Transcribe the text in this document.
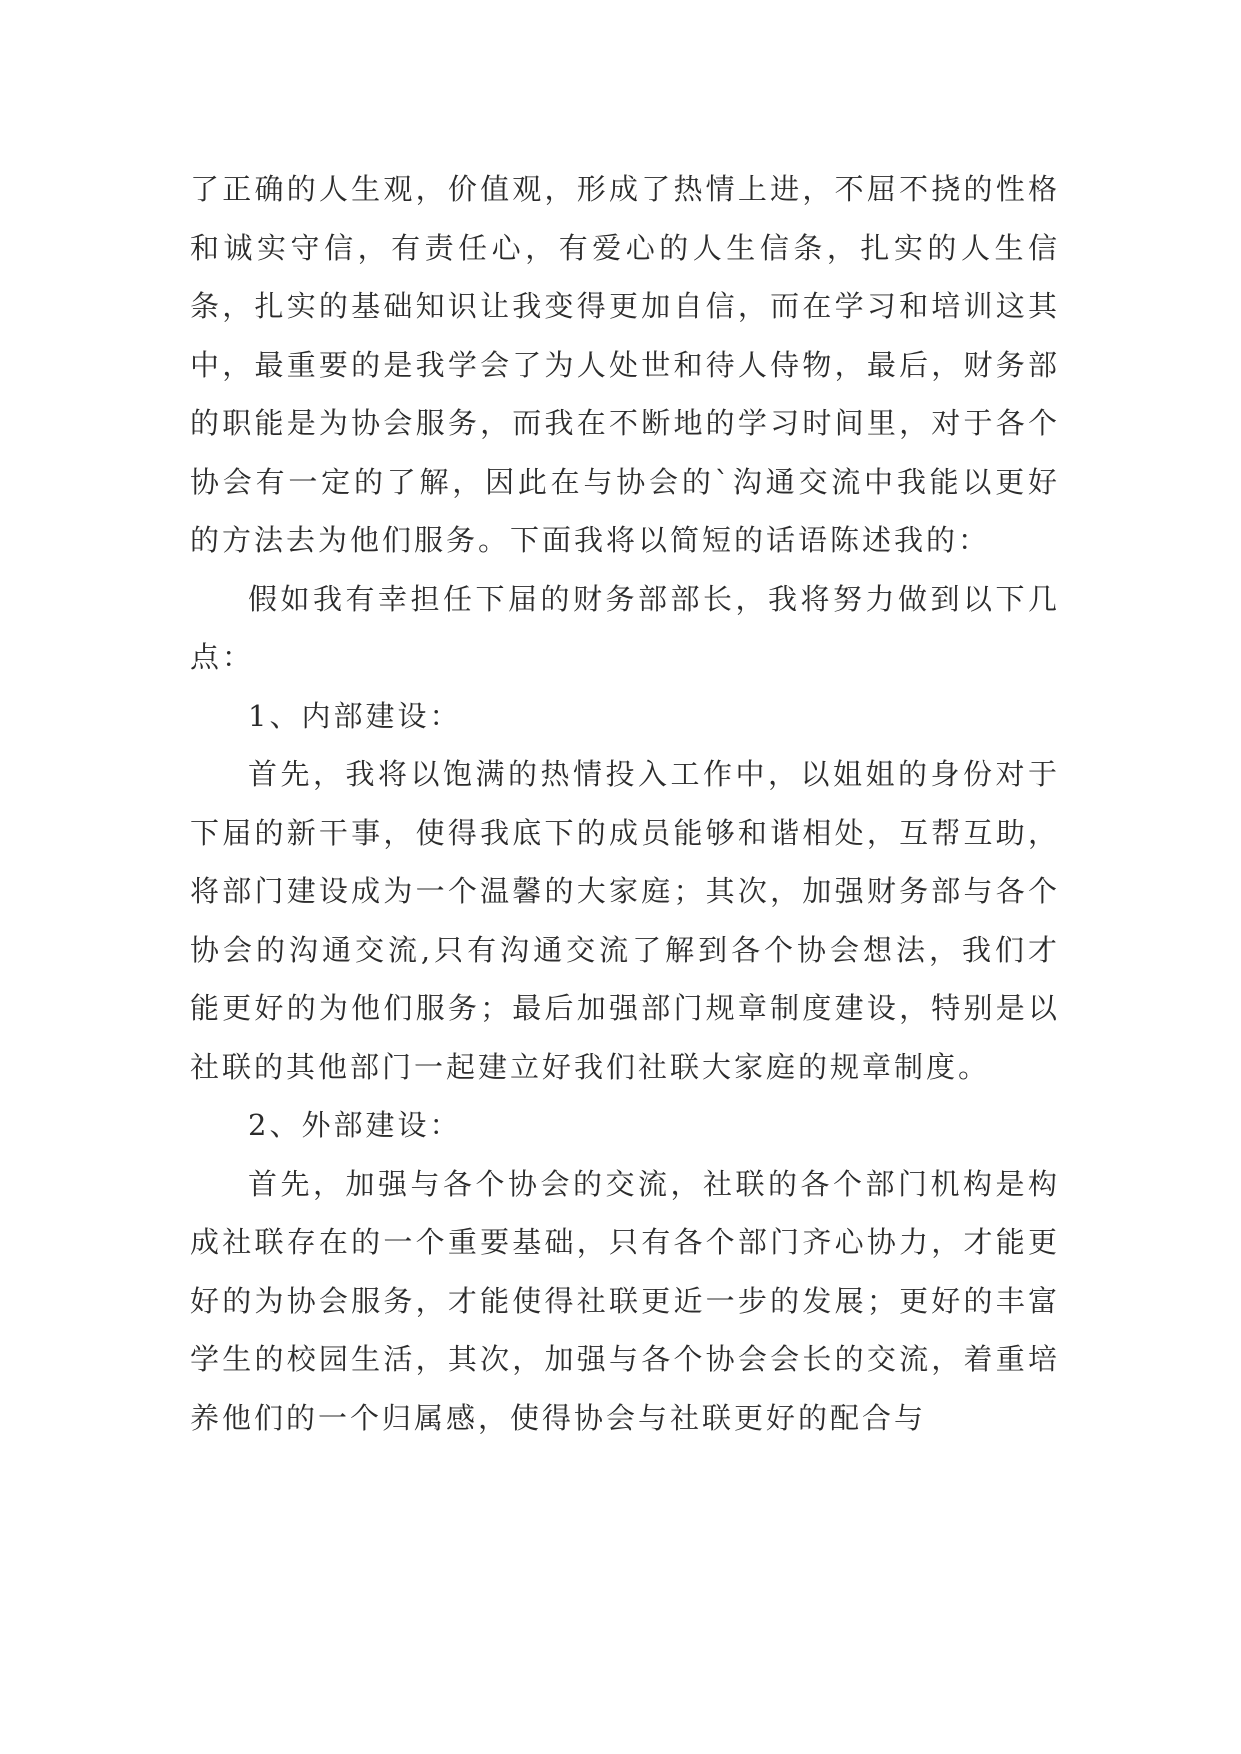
了正确的人生观，价值观，形成了热情上进，不屈不挠的性格和诚实守信，有责任心，有爱心的人生信条，扎实的人生信条，扎实的基础知识让我变得更加自信，而在学习和培训这其中，最重要的是我学会了为人处世和待人侍物，最后，财务部的职能是为协会服务，而我在不断地的学习时间里，对于各个协会有一定的了解，因此在与协会的`沟通交流中我能以更好的方法去为他们服务。下面我将以简短的话语陈述我的：

假如我有幸担任下届的财务部部长，我将努力做到以下几点：

1、内部建设：

首先，我将以饱满的热情投入工作中，以姐姐的身份对于下届的新干事，使得我底下的成员能够和谐相处，互帮互助，将部门建设成为一个温馨的大家庭；其次，加强财务部与各个协会的沟通交流,只有沟通交流了解到各个协会想法，我们才能更好的为他们服务；最后加强部门规章制度建设，特别是以社联的其他部门一起建立好我们社联大家庭的规章制度。

2、外部建设：

首先，加强与各个协会的交流，社联的各个部门机构是构成社联存在的一个重要基础，只有各个部门齐心协力，才能更好的为协会服务，才能使得社联更近一步的发展；更好的丰富学生的校园生活，其次，加强与各个协会会长的交流，着重培养他们的一个归属感，使得协会与社联更好的配合与
